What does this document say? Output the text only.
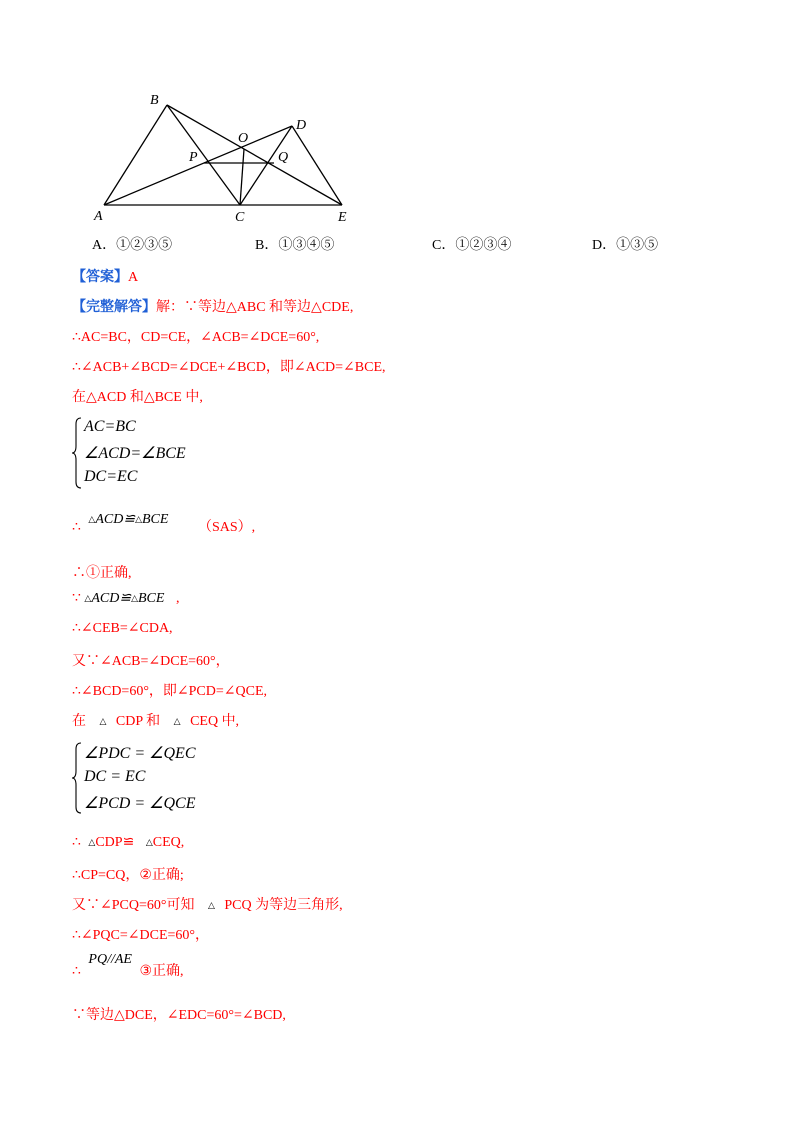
A
B
C
D
E
O
P	Q
A．①②③⑤	B．①③④⑤	C．①②③④	D．①③⑤
【答案】A
【完整解答】解：∵等边△ABC 和等边△CDE,
∴AC=BC，CD=CE，∠ACB=∠DCE=60°,
∴∠ACB+∠BCD=∠DCE+∠BCD，即∠ACD=∠BCE,
在△ACD 和△BCE 中,
AC=BC
∠ACD=∠BCE
DC=EC
∴ △ACD≌△BCE （SAS）,
∴①正确,
∵ △ACD≌△BCE ,
∴∠CEB=∠CDA,
又∵∠ACB=∠DCE=60°，
∴∠BCD=60°，即∠PCD=∠QCE,
在 △ CDP 和 △ CEQ 中,
∠PDC = ∠QEC
DC = EC
∠PCD = ∠QCE
∴ △CDP≌ △CEQ,
∴CP=CQ，②正确;
又∵∠PCQ=60°可知 △ PCQ 为等边三角形,
∴∠PQC=∠DCE=60°，
∴ PQ//AE ③正确,
∵等边△DCE，∠EDC=60°=∠BCD,
